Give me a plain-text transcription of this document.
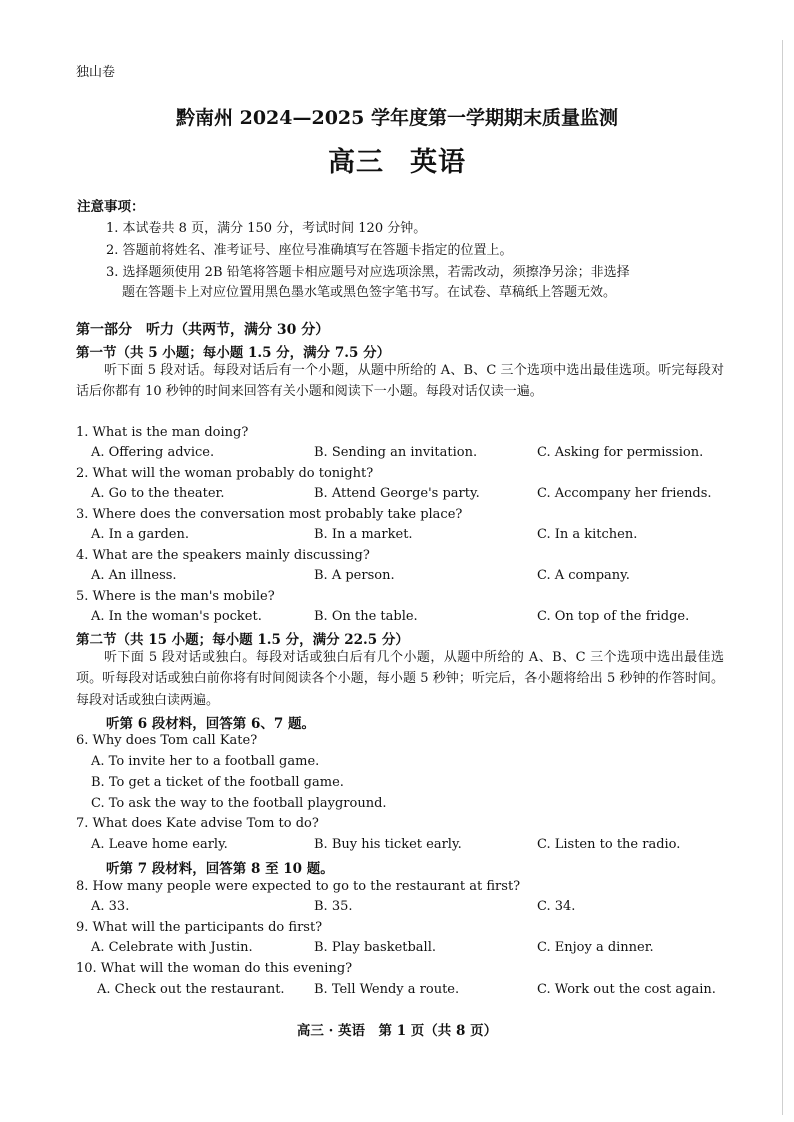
独山卷
黔南州 2024—2025 学年度第一学期期末质量监测
高三 英语
注意事项：
1. 本试卷共 8 页，满分 150 分，考试时间 120 分钟。
2. 答题前将姓名、准考证号、座位号准确填写在答题卡指定的位置上。
3. 选择题须使用 2B 铅笔将答题卡相应题号对应选项涂黑，若需改动，须擦净另涂；非选择
题在答题卡上对应位置用黑色墨水笔或黑色签字笔书写。在试卷、草稿纸上答题无效。
第一部分　听力（共两节，满分 30 分）
第一节（共 5 小题；每小题 1.5 分，满分 7.5 分）
听下面 5 段对话。每段对话后有一个小题，从题中所给的 A、B、C 三个选项中选出最佳选项。听完每段对话后你都有 10 秒钟的时间来回答有关小题和阅读下一小题。每段对话仅读一遍。
1. What is the man doing?
A. Offering advice.	B. Sending an invitation.	C. Asking for permission.
2. What will the woman probably do tonight?
A. Go to the theater.	B. Attend George's party.	C. Accompany her friends.
3. Where does the conversation most probably take place?
A. In a garden.	B. In a market.	C. In a kitchen.
4. What are the speakers mainly discussing?
A. An illness.	B. A person.	C. A company.
5. Where is the man's mobile?
A. In the woman's pocket.	B. On the table.	C. On top of the fridge.
第二节（共 15 小题；每小题 1.5 分，满分 22.5 分）
听下面 5 段对话或独白。每段对话或独白后有几个小题，从题中所给的 A、B、C 三个选项中选出最佳选项。听每段对话或独白前你将有时间阅读各个小题，每小题 5 秒钟；听完后，各小题将给出 5 秒钟的作答时间。每段对话或独白读两遍。
听第 6 段材料，回答第 6、7 题。
6. Why does Tom call Kate?
A. To invite her to a football game.
B. To get a ticket of the football game.
C. To ask the way to the football playground.
7. What does Kate advise Tom to do?
A. Leave home early.	B. Buy his ticket early.	C. Listen to the radio.
听第 7 段材料，回答第 8 至 10 题。
8. How many people were expected to go to the restaurant at first?
A. 33.	B. 35.	C. 34.
9. What will the participants do first?
A. Celebrate with Justin.	B. Play basketball.	C. Enjoy a dinner.
10. What will the woman do this evening?
A. Check out the restaurant. B. Tell Wendy a route.	C. Work out the cost again.
高三 · 英语　第 1 页（共 8 页）
